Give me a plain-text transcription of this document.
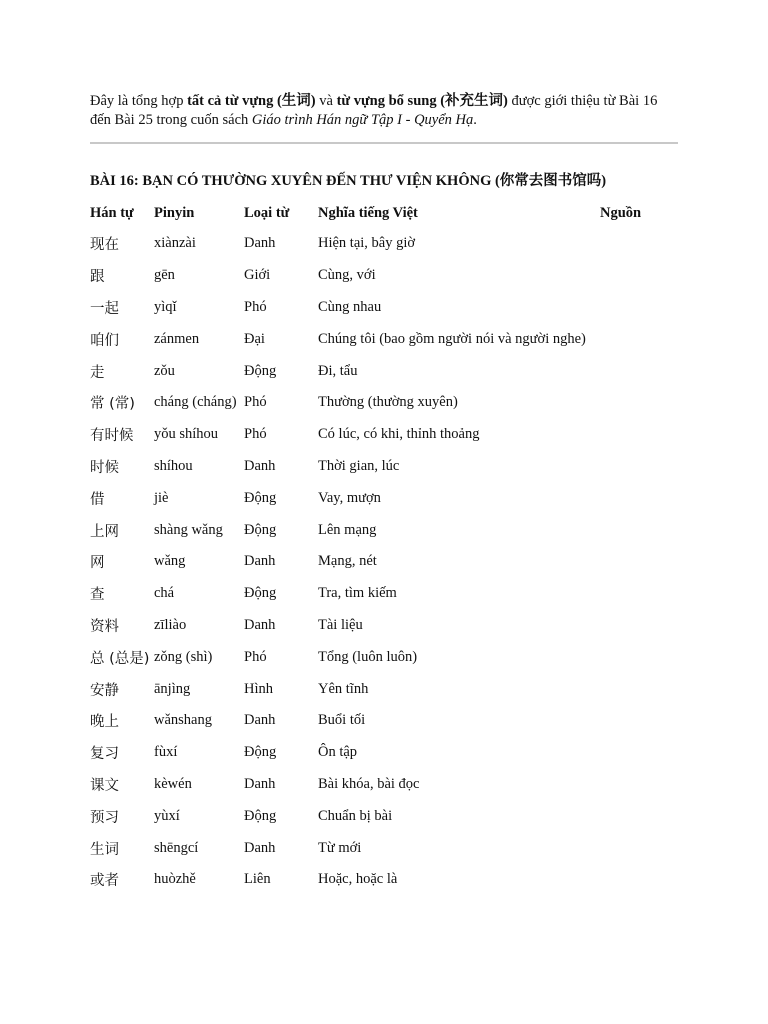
Đây là tổng hợp tất cả từ vựng (生词) và từ vựng bổ sung (补充生词) được giới thiệu từ Bài 16 đến Bài 25 trong cuốn sách Giáo trình Hán ngữ Tập I - Quyển Hạ.

BÀI 16: BẠN CÓ THƯỜNG XUYÊN ĐẾN THƯ VIỆN KHÔNG (你常去图书馆吗)
Hán tự	Pinyin	Loại từ	Nghĩa tiếng Việt	Nguồn
现在	xiànzài	Danh	Hiện tại, bây giờ	
跟	gēn	Giới	Cùng, với	
一起	yìqǐ	Phó	Cùng nhau	
咱们	zánmen	Đại	Chúng tôi (bao gồm người nói và người nghe)	
走	zǒu	Động	Đi, tẩu	
常 (常)	cháng (cháng)	Phó	Thường (thường xuyên)	
有时候	yǒu shíhou	Phó	Có lúc, có khi, thỉnh thoảng	
时候	shíhou	Danh	Thời gian, lúc	
借	jiè	Động	Vay, mượn	
上网	shàng wǎng	Động	Lên mạng	
网	wǎng	Danh	Mạng, nét	
查	chá	Động	Tra, tìm kiếm	
资料	zīliào	Danh	Tài liệu	
总 (总是)	zǒng (shì)	Phó	Tổng (luôn luôn)	
安静	ānjìng	Hình	Yên tĩnh	
晚上	wǎnshang	Danh	Buổi tối	
复习	fùxí	Động	Ôn tập	
课文	kèwén	Danh	Bài khóa, bài đọc	
预习	yùxí	Động	Chuẩn bị bài	
生词	shēngcí	Danh	Từ mới	
或者	huòzhě	Liên	Hoặc, hoặc là	
